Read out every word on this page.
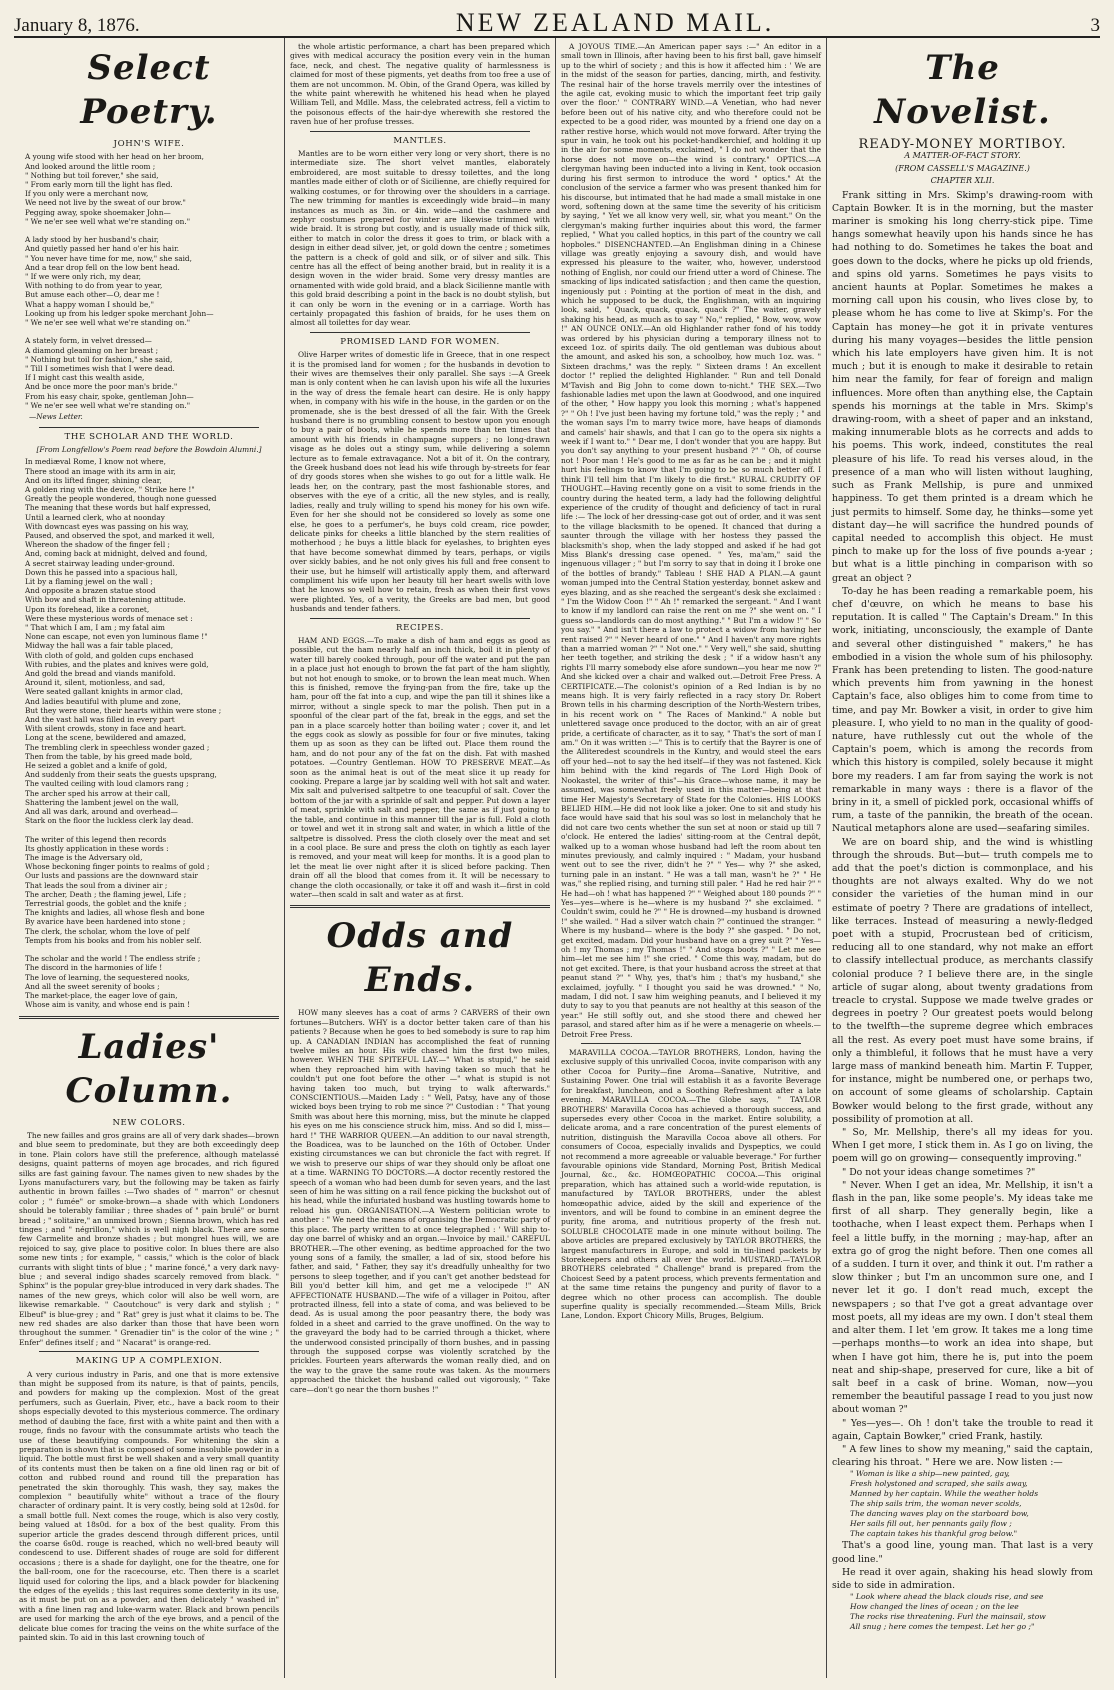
January 8, 1876.	NEW ZEALAND MAIL.	3
Select Poetry.
JOHN'S WIFE.
A young wife stood with her head on her broom,
And looked around the little room ;
" Nothing but toil forever," she said,
" From early morn till the light has fled.
If you only were a merchant now,
We need not live by the sweat of our brow."
Pegging away, spoke shoemaker John—
" We ne'er see well what we're standing on."

A lady stood by her husband's chair,
And quietly passed her hand o'er his hair.
" You never have time for me, now," she said,
And a tear drop fell on the low bent head.
" If we were only rich, my dear,
With nothing to do from year to year,
But amuse each other—O, dear me !
What a happy woman I should be,"
Looking up from his ledger spoke merchant John—
" We ne'er see well what we're standing on."

A stately form, in velvet dressed—
A diamond gleaming on her breast ;
" Nothing but toil for fashion," she said,
" Till I sometimes wish that I were dead.
If I might cast this wealth aside,
And be once more the poor man's bride."
From his easy chair, spoke, gentleman John—
" We ne'er see well what we're standing on."
—News Letter.
THE SCHOLAR AND THE WORLD.
[From Longfellow's Poem read before the Bowdoin Alumni.]
In mediæval Rome, I know not where,
There stood an image with its arm in air,
And on its lifted finger, shining clear,
A golden ring with the device, " Strike here !"
Greatly the people wondered, though none guessed
The meaning that these words but half expressed,
Until a learned clerk, who at noonday
With downcast eyes was passing on his way,
Paused, and observed the spot, and marked it well,
Whereon the shadow of the finger fell ;
And, coming back at midnight, delved and found,
A secret stairway leading under-ground.
Down this he passed into a spacious hall,
Lit by a flaming jewel on the wall ;
And opposite a brazen statue stood
With bow and shaft in threatening attitude.
Upon its forehead, like a coronet,
Were these mysterious words of menace set :
" That which I am, I am ; my fatal aim
None can escape, not even yon luminous flame !"
Midway the hall was a fair table placed,
With cloth of gold, and golden cups enchased
With rubies, and the plates and knives were gold,
And gold the bread and viands manifold.
Around it, silent, motionless, and sad,
Were seated gallant knights in armor clad,
And ladies beautiful with plume and zone,
But they were stone, their hearts within were stone ;
And the vast hall was filled in every part
With silent crowds, stony in face and heart.
Long at the scene, bewildered and amazed,
The trembling clerk in speechless wonder gazed ;
Then from the table, by his greed made bold,
He seized a goblet and a knife of gold,
And suddenly from their seats the guests upsprang,
The vaulted ceiling with loud clamors rang ;
The archer sped his arrow at their call,
Shattering the lambent jewel on the wall,
And all was dark, around and overhead—
Stark on the floor the luckless clerk lay dead.

The writer of this legend then records
Its ghostly application in these words :
The image is the Adversary old,
Whose beckoning finger points to realms of gold ;
Our lusts and passions are the downward stair
That leads the soul from a diviner air ;
The archer, Death ; the flaming jewel, Life ;
Terrestrial goods, the goblet and the knife ;
The knights and ladies, all whose flesh and bone
By avarice have been hardened into stone ;
The clerk, the scholar, whom the love of pelf
Tempts from his books and from his nobler self.

The scholar and the world ! The endless strife ;
The discord in the harmonies of life !
The love of learning, the sequestered nooks,
And all the sweet serenity of books ;
The market-place, the eager love of gain,
Whose aim is vanity, and whose end is pain !
Ladies' Column.
NEW COLORS.

The new failles and gros grains are all of very dark shades—brown and blue seem to predominate, but they are both exceedingly deep in tone. Plain colors have still the preference, although matelassé designs, quaint patterns of moyen age brocades, and rich figured silks are fast gaining favour. The names given to new shades by the Lyons manufacturers vary, but the following may be taken as fairly authentic in brown failles :—Two shades of " marron" or chesnut color ; " fumée" or smoke-brown—a shade with which Londoners should be tolerably familiar ; three shades of " pain brulé" or burnt bread ; " solitaire," an unmixed brown ; Sienna brown, which has red tinges ; and " négrillon," which is well nigh black. There are some few Carmelite and bronze shades ; but mongrel hues will, we are rejoiced to say, give place to positive color. In blues there are also some new tints ; for example, " cassis," which is the color of black currants with slight tints of blue ; " marine foncé," a very dark navy-blue ; and several indigo shades scarcely removed from black. " Sphinx" is the popular grey-blue introduced in very dark shades. The names of the new greys, which color will also be well worn, are likewise remarkable. " Caoutchouc" is very dark and stylish ; " Elbeuf" is blue-grey ; and " Rat" grey is just what it claims to be. The new red shades are also darker than those that have been worn throughout the summer. " Grenadier tin" is the color of the wine ; " Enfer" defines itself ; and " Nacarat" is orange-red.

MAKING UP A COMPLEXION.

A very curious industry in Paris, and one that is more extensive than might be supposed from its nature, is that of paints, pencils, and powders for making up the complexion. Most of the great perfumers, such as Guerlain, Piver, etc., have a back room to their shops especially devoted to this mysterious commerce. The ordinary method of daubing the face, first with a white paint and then with a rouge, finds no favour with the consummate artists who teach the use of these beautifying compounds. For whitening the skin a preparation is shown that is composed of some insoluble powder in a liquid. The bottle must first be well shaken and a very small quantity of its contents must then be taken on a fine old linen rag or bit of cotton and rubbed round and round till the preparation has penetrated the skin thoroughly. This wash, they say, makes the complexion " beautifully white" without a trace of the floury character of ordinary paint. It is very costly, being sold at 12s0d. for a small bottle full. Next comes the rouge, which is also very costly, being valued at 18s0d. for a box of the best quality. From this superior article the grades descend through different prices, until the coarse 6s0d. rouge is reached, which no well-bred beauty will condescend to use. Different shades of rouge are sold for different occasions ; there is a shade for daylight, one for the theatre, one for the ball-room, one for the racecourse, etc. Then there is a scarlet liquid used for coloring the lips, and a black powder for blackening the edges of the eyelids ; this last requires some dexterity in its use, as it must be put on as a powder, and then delicately " washed in" with a fine linen rag and luke-warm water. Black and brown pencils are used for marking the arch of the eye brows, and a pencil of the delicate blue comes for tracing the veins on the white surface of the painted skin. To aid in this last crowning touch of

the whole artistic performance, a chart has been prepared which gives with medical accuracy the position every vein in the human face, neck, and chest. The negative quality of harmlessness is claimed for most of these pigments, yet deaths from too free a use of them are not uncommon. M. Obin, of the Grand Opera, was killed by the white paint wherewith he whitened his head when he played William Tell, and Mdlle. Mass, the celebrated actress, fell a victim to the poisonous effects of the hair-dye wherewith she restored the raven hue of her profuse tresses.

MANTLES.

Mantles are to be worn either very long or very short, there is no intermediate size. The short velvet mantles, elaborately embroidered, are most suitable to dressy toilettes, and the long mantles made either of cloth or of Sicilienne, are chiefly required for walking costumes, or for throwing over the shoulders in a carriage. The new trimming for mantles is exceedingly wide braid—in many instances as much as 3in. or 4in. wide—and the cashmere and zephyr costumes prepared for winter are likewise trimmed with wide braid. It is strong but costly, and is usually made of thick silk, either to match in color the dress it goes to trim, or black with a design in either dead silver, jet, or gold down the centre ; sometimes the pattern is a check of gold and silk, or of silver and silk. This centre has all the effect of being another braid, but in reality it is a design woven in the wider braid. Some very dressy mantles are ornamented with wide gold braid, and a black Sicilienne mantle with this gold braid describing a point in the back is no doubt stylish, but it can only be worn in the evening or in a carriage. Worth has certainly propagated this fashion of braids, for he uses them on almost all toilettes for day wear.

PROMISED LAND FOR WOMEN.

Olive Harper writes of domestic life in Greece, that in one respect it is the promised land for women ; for the husbands in devotion to their wives are themselves their only parallel. She says :—A Greek man is only content when he can lavish upon his wife all the luxuries in the way of dress the female heart can desire. He is only happy when, in company with his wife in the house, in the garden or on the promenade, she is the best dressed of all the fair. With the Greek husband there is no grumbling consent to bestow upon you enough to buy a pair of boots, while he spends more than ten times that amount with his friends in champagne suppers ; no long-drawn visage as he doles out a stingy sum, while delivering a solemn lecture as to female extravagance. Not a bit of it. On the contrary, the Greek husband does not lead his wife through by-streets for fear of dry goods stores when she wishes to go out for a little walk. He leads her, on the contrary, past the most fashionable stores, and observes with the eye of a critic, all the new styles, and is really, ladies, really and truly willing to spend his money for his own wife. Even for her she should not be considered so lovely as some one else, he goes to a perfumer's, he buys cold cream, rice powder, delicate pinks for cheeks a little blanched by the stern realities of motherhood ; he buys a little black for eyelashes, to brighten eyes that have become somewhat dimmed by tears, perhaps, or vigils over sickly babies, and he not only gives his full and free consent to their use, but he himself will artistically apply them, and afterward compliment his wife upon her beauty till her heart swells with love that he knows so well how to retain, fresh as when their first vows were plighted. Yes, of a verity, the Greeks are bad men, but good husbands and tender fathers.

RECIPES.

HAM AND EGGS.—To make a dish of ham and eggs as good as possible, cut the ham nearly half an inch thick, boil it in plenty of water till barely cooked through, pour off the water and put the pan in a place just hot enough to brown the fat part of the ham slightly, but not hot enough to smoke, or to brown the lean meat much. When this is finished, remove the frying-pan from the fire, take up the ham, pour off the fat into a cup, and wipe the pan till it shines like a mirror, without a single speck to mar the polish. Then put in a spoonful of the clear part of the fat, break in the eggs, and set the pan in a place scarcely hotter than boiling water ; cover it, and let the eggs cook as slowly as possible for four or five minutes, taking them up as soon as they can be lifted out. Place them round the ham, and do not pour any of the fat on the dish. Fat with mashed potatoes. —Country Gentleman. HOW TO PRESERVE MEAT.—As soon as the animal heat is out of the meat slice it up ready for cooking. Prepare a large jar by scalding well with hot salt and water. Mix salt and pulverised saltpetre to one teacupful of salt. Cover the bottom of the jar with a sprinkle of salt and pepper. Put down a layer of meat, sprinkle with salt and pepper, the same as if just going to the table, and continue in this manner till the jar is full. Fold a cloth or towel and wet it in strong salt and water, in which a little of the saltpetre is dissolved. Press the cloth closely over the meat and set in a cool place. Be sure and press the cloth on tightly as each layer is removed, and your meat will keep for months. It is a good plan to let the meat lie over night after it is sliced before packing. Then drain off all the blood that comes from it. It will be necessary to change the cloth occasionally, or take it off and wash it—first in cold water—then scald in salt and water as at first.

Odds and Ends.

HOW many sleeves has a coat of arms ? CARVERS of their own fortunes—Butchers. WHY is a doctor better taken care of than his patients ? Because when he goes to bed somebody is sure to rap him up. A CANADIAN INDIAN has accomplished the feat of running twelve miles an hour. His wife chased him the first two miles, however. WHEN THE SPITEFUL LAY.—" What is stupid," he said when they reproached him with having taken so much that he couldn't put one foot before the other —" what is stupid is not having taken too much, but trying to walk afterwards." CONSCIENTIOUS.—Maiden Lady : " Well, Patsy, have any of those wicked boys been trying to rob me since ?" Custodian : " That young Smith was about here this morning, miss, but the minute he clapped his eyes on me his conscience struck him, miss. And so did I, miss—hard !" THE WARRIOR QUEEN.—An addition to our naval strength, the Boadicea, was to be launched on the 16th of October. Under existing circumstances we can but chronicle the fact with regret. If we wish to preserve our ships of war they should only be afloat one at a time. WARNING TO DOCTORS.—A doctor recently restored the speech of a woman who had been dumb for seven years, and the last seen of him he was sitting on a rail fence picking the buckshot out of his head, while the infuriated husband was hustling towards home to reload his gun. ORGANISATION.—A Western politician wrote to another : " We need the means of organising the Democratic party of this place. The party written to at once telegraphed : ' Will ship to-day one barrel of whisky and an organ.—Invoice by mail.' CAREFUL BROTHER.—The other evening, as bedtime approached for the two young sons of a family, the smaller, a lad of six, stood before his father, and said, " Father, they say it's dreadfully unhealthy for two persons to sleep together, and if you can't get another bedstead for Bill you'd better kill him, and get me a velocipede !" AN AFFECTIONATE HUSBAND.—The wife of a villager in Poitou, after protracted illness, fell into a state of coma, and was believed to be dead. As is usual among the poor peasantry there, the body was folded in a sheet and carried to the grave unoffined. On the way to the graveyard the body had to be carried through a thicket, where the underwood consisted principally of thorn bushes, and in passing through the supposed corpse was violently scratched by the prickles. Fourteen years afterwards the woman really died, and on the way to the grave the same route was taken. As the mourners approached the thicket the husband called out vigorously, " Take care—don't go near the thorn bushes !"

A JOYOUS TIME.—An American paper says :—" An editor in a small town in Illinois, after having been to his first ball, gave himself up to the whirl of society ; and this is how it affected him : ' We are in the midst of the season for parties, dancing, mirth, and festivity. The resinal hair of the horse travels merrily over the intestines of the agile cat, evoking music to which the important feet trip gaily over the floor.' " CONTRARY WIND.—A Venetian, who had never before been out of his native city, and who therefore could not be expected to be a good rider, was mounted by a friend one day on a rather restive horse, which would not move forward. After trying the spur in vain, he took out his pocket-handkerchief, and holding it up in the air for some moments, exclaimed, " I do not wonder that the horse does not move on—the wind is contrary." OPTICS.—A clergyman having been inducted into a living in Kent, took occasion during his first sermon to introduce the word " optics." At the conclusion of the service a farmer who was present thanked him for his discourse, but intimated that he had made a small mistake in one word, softening down at the same time the severity of his criticism by saying, " Yet we all know very well, sir, what you meant." On the clergyman's making further inquiries about this word, the farmer replied, " What you called hoptics, in this part of the country we call hopboles." DISENCHANTED.—An Englishman dining in a Chinese village was greatly enjoying a savoury dish, and would have expressed his pleasure to the waiter, who, however, understood nothing of English, nor could our friend utter a word of Chinese. The smacking of lips indicated satisfaction ; and then came the question, ingeniously put : Pointing at the portion of meat in the dish, and which he supposed to be duck, the Englishman, with an inquiring look, said, " Quack, quack, quack, quack ?" The waiter, gravely shaking his head, as much as to say " No," replied, " Bow, wow, wow !" AN OUNCE ONLY.—An old Highlander rather fond of his toddy was ordered by his physician during a temporary illness not to exceed 1oz. of spirits daily. The old gentleman was dubious about the amount, and asked his son, a schoolboy, how much 1oz. was. " Sixteen drachms," was the reply. " Sixteen drams ! An excellent doctor !" replied the delighted Highlander. " Run and tell Donald M'Tavish and Big John to come down to-nicht." THE SEX.—Two fashionable ladies met upon the lawn at Goodwood, and one inquired of the other, " How happy you look this morning ; what's happened ?" " Oh ! I've just been having my fortune told," was the reply ; " and the woman says I'm to marry twice more, have heaps of diamonds and camels' hair shawls, and that I can go to the opera six nights a week if I want to." " Dear me, I don't wonder that you are happy. But you don't say anything to your present husband ?" " Oh, of course not ! Poor man ! He's good to me as far as he can be ; and it might hurt his feelings to know that I'm going to be so much better off. I think I'll tell him that I'm likely to die first." RURAL CRUDITY OF THOUGHT.—Having recently gone on a visit to some friends in the country during the heated term, a lady had the following delightful experience of the crudity of thought and deficiency of tact in rural life :— The lock of her dressing-case got out of order, and it was sent to the village blacksmith to be opened. It chanced that during a saunter through the village with her hostess they passed the blacksmith's shop, when the lady stopped and asked if he had got Miss Blank's dressing case opened. " Yes, ma'am," said the ingenuous villager ; " but I'm sorry to say that in doing it I broke one of the bottles of brandy." Tableau ! SHE HAD A PLAN.—A gaunt woman jumped into the Central Station yesterday, bonnet askew and eyes blazing, and as she reached the sergeant's desk she exclaimed : " I'm the Widow Coon !" " Ah !" remarked the sergeant. " And I want to know if my landlord can raise the rent on me ?" she went on. " I guess so—landlords can do most anything." " But I'm a widow !" " So you say." " And isn't there a law to protect a widow from having her rent raised ?" " Never heard of one." " And I haven't any more rights than a married woman ?" " Not one." " Very well," she said, shutting her teeth together, and striking the desk ; " if a widow hasn't any rights I'll marry somebody else afore sundown—you hear me now ?" And she kicked over a chair and walked out.—Detroit Free Press. A CERTIFICATE.—The colonist's opinion of a Red Indian is by no means high. It is very fairly reflected in a racy story Dr. Robert Brown tells in his charming description of the North-Western tribes, in his recent work on " The Races of Mankind." A noble but unlettered savage once produced to the doctor, with an air of great pride, a certificate of character, as it to say, " That's the sort of man I am." On it was written :—" This is to certify that the Bayrer is one of the Alliteredest scoundrels in the Kuntry, and would steel the ears off your hed—not to say the hed itself—if they was not fastened. Kick him behind with the kind regards of The Lord High Dook of Nookastel, the writer of this"—his Grace—whose name, it may be assumed, was somewhat freely used in this matter—being at that time Her Majesty's Secretary of State for the Colonies. HIS LOOKS BELIED HIM.—He did not look like a joker. One to sit and study his face would have said that his soul was so lost in melancholy that he did not care two cents whether the sun set at noon or staid up till 7 o'clock. He entered the ladies' sitting-room at the Central depôt, walked up to a woman whose husband had left the room about ten minutes previously, and calmly inquired : " Madam, your husband went out to see the river, didn't he ?" " Yes— why ?" she asked, turning pale in an instant. " He was a tall man, wasn't he ?" " He was," she replied rising, and turning still paler. " Had he red hair ?" " He had—oh ! what has happened ?" " Weighed about 180 pounds ?" " Yes—yes—where is he—where is my husband ?" she exclaimed. " Couldn't swim, could he ?" " He is drowned—my husband is drowned !" she wailed. " Had a silver watch chain ?" continued the stranger. " Where is my husband— where is the body ?" she gasped. " Do not, get excited, madam. Did your husband have on a grey suit ?" " Yes—oh ! my Thomas ; my Thomas !" " And stoga boots ?" " Let me see him—let me see him !" she cried. " Come this way, madam, but do not get excited. There, is that your husband across the street at that peanut stand ?" " Why, yes, that's him ; that's my husband," she exclaimed, joyfully. " I thought you said he was drowned." " No, madam, I did not. I saw him weighing peanuts, and I believed it my duty to say to you that peanuts are not healthy at this season of the year." He still softly out, and she stood there and chewed her parasol, and stared after him as if he were a menagerie on wheels.—Detroit Free Press.

MARAVILLA COCOA.—TAYLOR BROTHERS, London, having the exclusive supply of this unrivalled Cocoa, invite comparison with any other Cocoa for Purity—fine Aroma—Sanative, Nutritive, and Sustaining Power. One trial will establish it as a favorite Beverage for breakfast, luncheon, and a Soothing Refreshment after a late evening. MARAVILLA COCOA.—The Globe says, " TAYLOR BROTHERS' Maravilla Cocoa has achieved a thorough success, and supersedes every other Cocoa in the market. Entire solubility, a delicate aroma, and a rare concentration of the purest elements of nutrition, distinguish the Maravilla Cocoa above all others. For consumers of Cocoa, especially invalids and Dyspeptics, we could not recommend a more agreeable or valuable beverage." For further favourable opinions vide Standard, Morning Post, British Medical Journal, &c., &c. HOMŒOPATHIC COCOA.—This original preparation, which has attained such a world-wide reputation, is manufactured by TAYLOR BROTHERS, under the ablest homœopathic advice, aided by the skill and experience of the inventors, and will be found to combine in an eminent degree the purity, fine aroma, and nutritious property of the fresh nut. SOLUBLE CHOCOLATE made in one minute without boiling. The above articles are prepared exclusively by TAYLOR BROTHERS, the largest manufacturers in Europe, and sold in tin-lined packets by Storekeepers and others all over the world. MUSTARD.—TAYLOR BROTHERS celebrated " Challenge" brand is prepared from the Choicest Seed by a patent process, which prevents fermentation and at the same time retains the pungency and purity of flavor to a degree which no other process can accomplish. The double superfine quality is specially recommended.—Steam Mills, Brick Lane, London. Export Chicory Mills, Bruges, Belgium.

The Novelist.
READY-MONEY MORTIBOY.
A MATTER-OF-FACT STORY.
(FROM CASSELL'S MAGAZINE.)
CHAPTER XLII.

Frank sitting in Mrs. Skimp's drawing-room with Captain Bowker. It is in the morning, but the master mariner is smoking his long cherry-stick pipe. Time hangs somewhat heavily upon his hands since he has had nothing to do. Sometimes he takes the boat and goes down to the docks, where he picks up old friends, and spins old yarns. Sometimes he pays visits to ancient haunts at Poplar. Sometimes he makes a morning call upon his cousin, who lives close by, to please whom he has come to live at Skimp's. For the Captain has money—he got it in private ventures during his many voyages—besides the little pension which his late employers have given him. It is not much ; but it is enough to make it desirable to retain him near the family, for fear of foreign and malign influences. More often than anything else, the Captain spends his mornings at the table in Mrs. Skimp's drawing-room, with a sheet of paper and an inkstand, making innumerable blots as he corrects and adds to his poems. This work, indeed, constitutes the real pleasure of his life. To read his verses aloud, in the presence of a man who will listen without laughing, such as Frank Mellship, is pure and unmixed happiness. To get them printed is a dream which he just permits to himself. Some day, he thinks—some yet distant day—he will sacrifice the hundred pounds of capital needed to accomplish this object. He must pinch to make up for the loss of five pounds a-year ; but what is a little pinching in comparison with so great an object ?

To-day he has been reading a remarkable poem, his chef d'œuvre, on which he means to base his reputation. It is called " The Captain's Dream." In this work, initiating, unconsciously, the example of Dante and several other distinguished " makers," he has embodied in a vision the whole sum of his philosophy. Frank has been pretending to listen. The good-nature which prevents him from yawning in the honest Captain's face, also obliges him to come from time to time, and pay Mr. Bowker a visit, in order to give him pleasure. I, who yield to no man in the quality of good-nature, have ruthlessly cut out the whole of the Captain's poem, which is among the records from which this history is compiled, solely because it might bore my readers. I am far from saying the work is not remarkable in many ways : there is a flavor of the briny in it, a smell of pickled pork, occasional whiffs of rum, a taste of the pannikin, the breath of the ocean. Nautical metaphors alone are used—seafaring similes.

We are on board ship, and the wind is whistling through the shrouds. But—but— truth compels me to add that the poet's diction is commonplace, and his thoughts are not always exalted. Why do we not consider the varieties of the human mind in our estimate of poetry ? There are gradations of intellect, like terraces. Instead of measuring a newly-fledged poet with a stupid, Procrustean bed of criticism, reducing all to one standard, why not make an effort to classify intellectual produce, as merchants classify colonial produce ? I believe there are, in the single article of sugar along, about twenty gradations from treacle to crystal. Suppose we made twelve grades or degrees in poetry ? Our greatest poets would belong to the twelfth—the supreme degree which embraces all the rest. As every poet must have some brains, if only a thimbleful, it follows that he must have a very large mass of mankind beneath him. Martin F. Tupper, for instance, might be numbered one, or perhaps two, on account of some gleams of scholarship. Captain Bowker would belong to the first grade, without any possibility of promotion at all.

" So, Mr. Mellship, there's all my ideas for you. When I get more, I stick them in. As I go on living, the poem will go on growing— consequently improving."

" Do not your ideas change sometimes ?"

" Never. When I get an idea, Mr. Mellship, it isn't a flash in the pan, like some people's. My ideas take me first of all sharp. They generally begin, like a toothache, when I least expect them. Perhaps when I feel a little buffy, in the morning ; may-hap, after an extra go of grog the night before. Then one comes all of a sudden. I turn it over, and think it out. I'm rather a slow thinker ; but I'm an uncommon sure one, and I never let it go. I don't read much, except the newspapers ; so that I've got a great advantage over most poets, all my ideas are my own. I don't steal them and alter them. I let 'em grow. It takes me a long time—perhaps months—to work an idea into shape, but when I have got him, there he is, put into the poem neat and ship-shape, preserved for cure, like a bit of salt beef in a cask of brine. Woman, now—you remember the beautiful passage I read to you just now about woman ?"

" Yes—yes—. Oh ! don't take the trouble to read it again, Captain Bowker," cried Frank, hastily.

" A few lines to show my meaning," said the captain, clearing his throat. " Here we are. Now listen :—

" Woman is like a ship—new painted, gay,
Fresh holystoned and scraped, she sails away,
Manned by her captain. While the weather holds
The ship sails trim, the woman never scolds,
The dancing waves play on the starboard bow,
Her sails fill out, her pennants gaily flow ;
The captain takes his thankful grog below."

That's a good line, young man. That last is a very good line."

He read it over again, shaking his head slowly from side to side in admiration.

" Look where ahead the black clouds rise, and see
How changed the lines of ocean ; on the lee
The rocks rise threatening. Furl the mainsail, stow
All snug ; here comes the tempest. Let her go ;"
